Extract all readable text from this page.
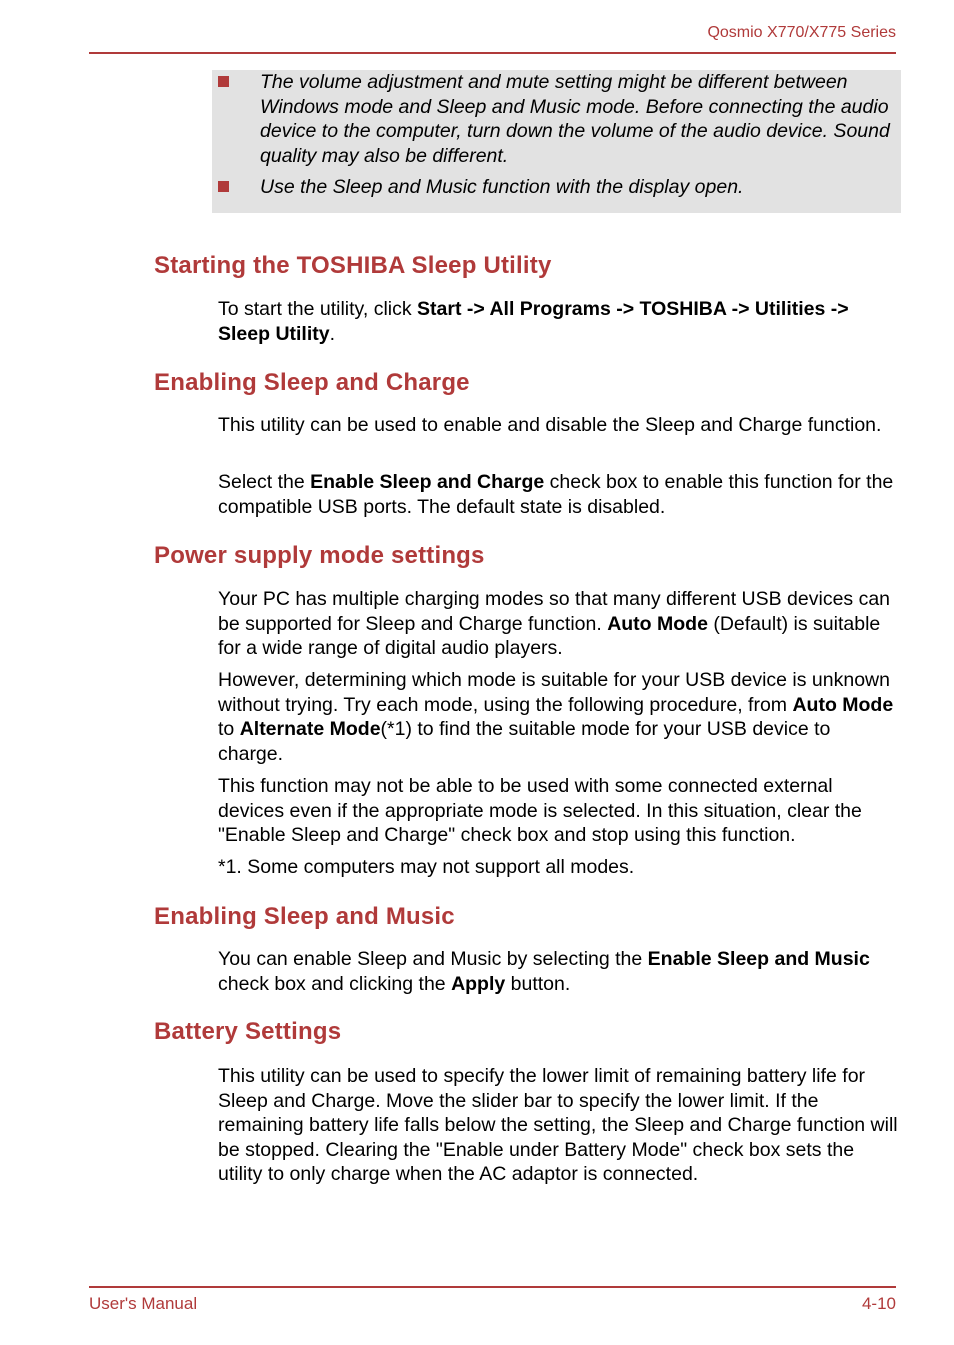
Qosmio X770/X775 Series
The volume adjustment and mute setting might be different between Windows mode and Sleep and Music mode. Before connecting the audio device to the computer, turn down the volume of the audio device. Sound quality may also be different.
Use the Sleep and Music function with the display open.
Starting the TOSHIBA Sleep Utility

To start the utility, click Start -> All Programs -> TOSHIBA -> Utilities -> Sleep Utility.

Enabling Sleep and Charge

This utility can be used to enable and disable the Sleep and Charge function.

Select the Enable Sleep and Charge check box to enable this function for the compatible USB ports. The default state is disabled.

Power supply mode settings

Your PC has multiple charging modes so that many different USB devices can be supported for Sleep and Charge function. Auto Mode (Default) is suitable for a wide range of digital audio players.

However, determining which mode is suitable for your USB device is unknown without trying. Try each mode, using the following procedure, from Auto Mode to Alternate Mode(*1) to find the suitable mode for your USB device to charge.

This function may not be able to be used with some connected external devices even if the appropriate mode is selected. In this situation, clear the "Enable Sleep and Charge" check box and stop using this function.

*1. Some computers may not support all modes.

Enabling Sleep and Music

You can enable Sleep and Music by selecting the Enable Sleep and Music check box and clicking the Apply button.

Battery Settings

This utility can be used to specify the lower limit of remaining battery life for Sleep and Charge. Move the slider bar to specify the lower limit. If the remaining battery life falls below the setting, the Sleep and Charge function will be stopped. Clearing the "Enable under Battery Mode" check box sets the utility to only charge when the AC adaptor is connected.

User's Manual	4-10
